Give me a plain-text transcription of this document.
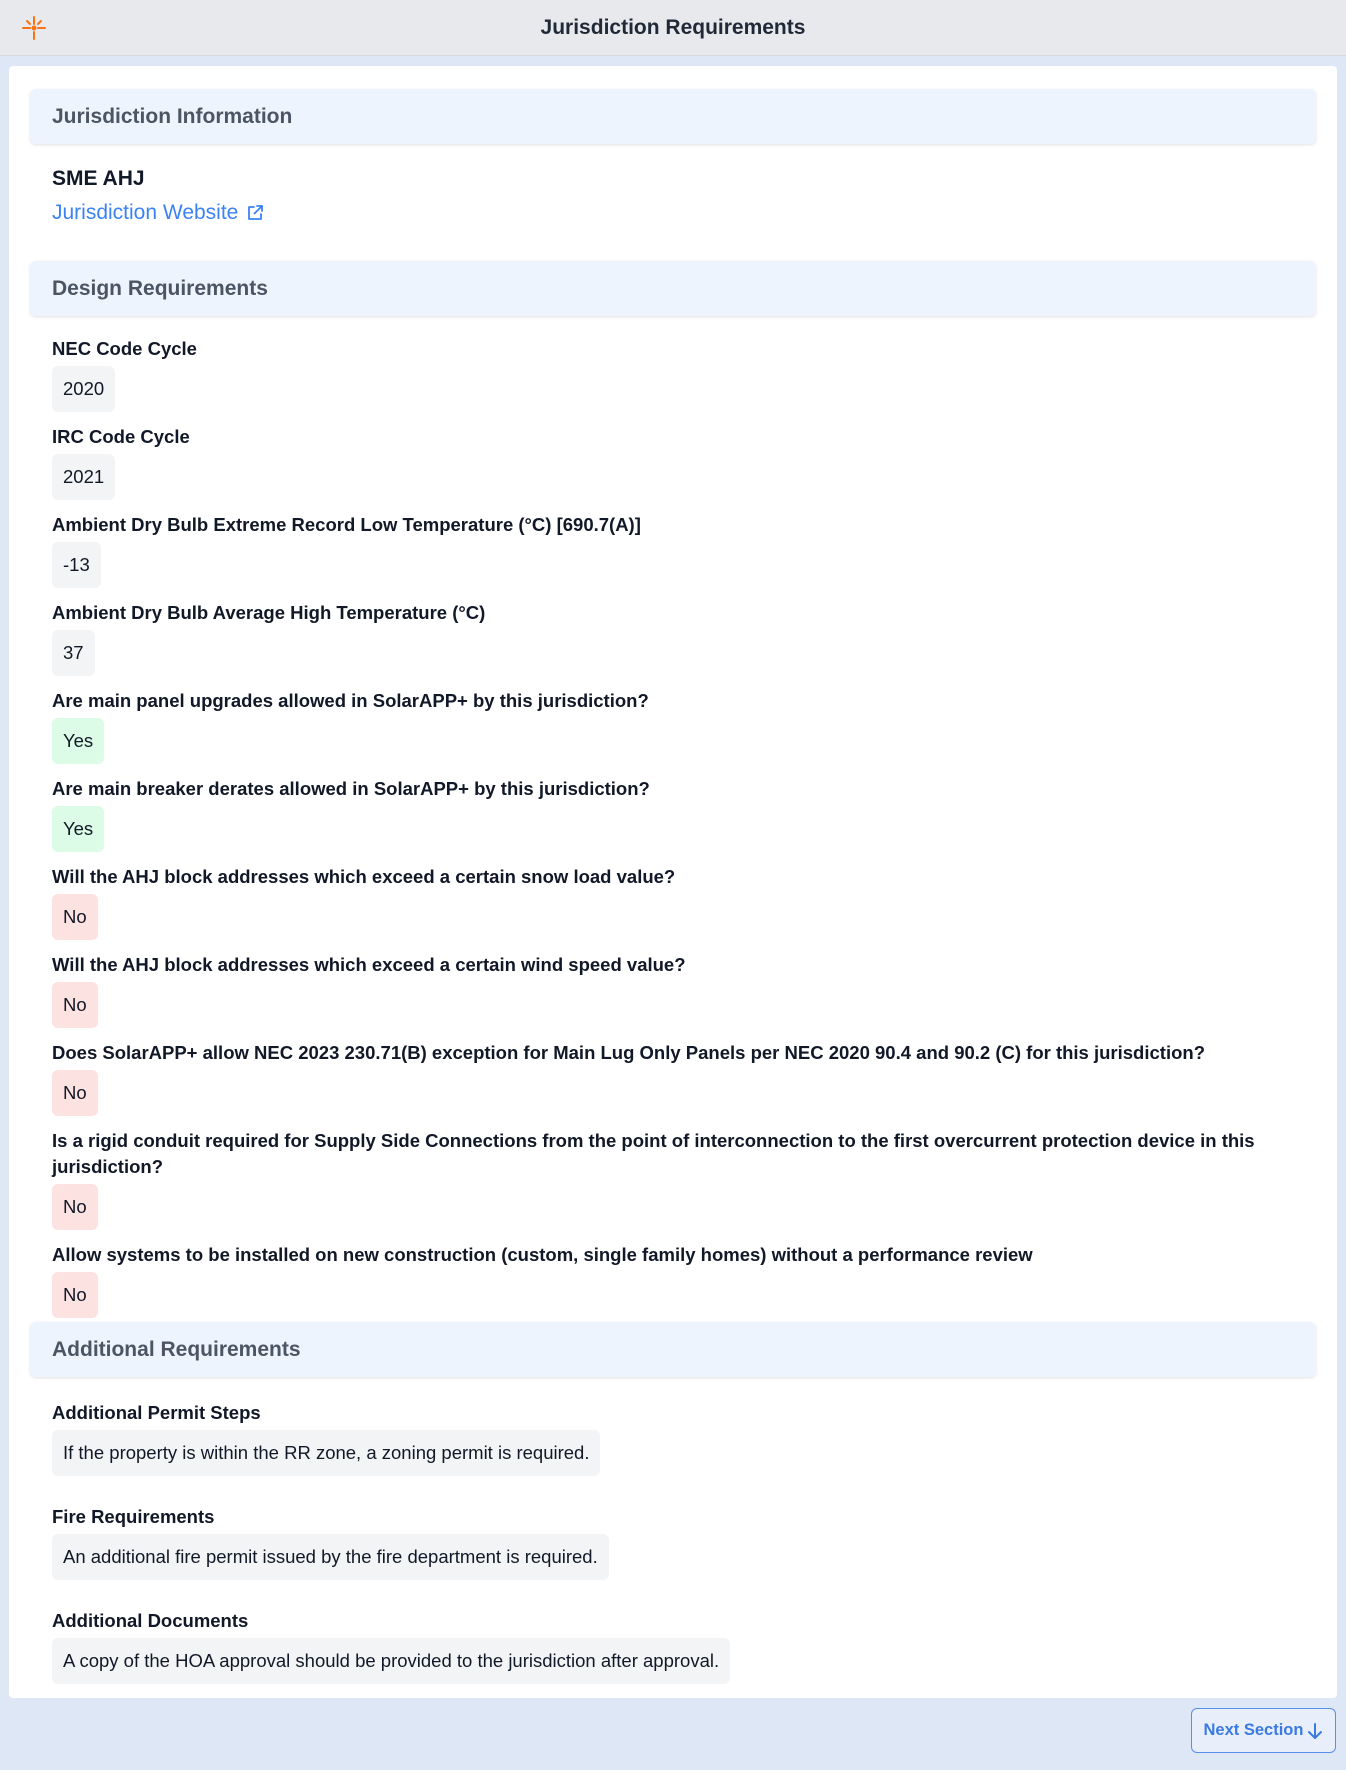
Jurisdiction Requirements
Jurisdiction Information
SME AHJ
Jurisdiction Website
Design Requirements
NEC Code Cycle
2020
IRC Code Cycle
2021
Ambient Dry Bulb Extreme Record Low Temperature (°C) [690.7(A)]
-13
Ambient Dry Bulb Average High Temperature (°C)
37
Are main panel upgrades allowed in SolarAPP+ by this jurisdiction?
Yes
Are main breaker derates allowed in SolarAPP+ by this jurisdiction?
Yes
Will the AHJ block addresses which exceed a certain snow load value?
No
Will the AHJ block addresses which exceed a certain wind speed value?
No
Does SolarAPP+ allow NEC 2023 230.71(B) exception for Main Lug Only Panels per NEC 2020 90.4 and 90.2 (C) for this jurisdiction?
No
Is a rigid conduit required for Supply Side Connections from the point of interconnection to the first overcurrent protection device in this jurisdiction?
No
Allow systems to be installed on new construction (custom, single family homes) without a performance review
No
Additional Requirements
Additional Permit Steps
If the property is within the RR zone, a zoning permit is required.
Fire Requirements
An additional fire permit issued by the fire department is required.
Additional Documents
A copy of the HOA approval should be provided to the jurisdiction after approval.
Next Section
